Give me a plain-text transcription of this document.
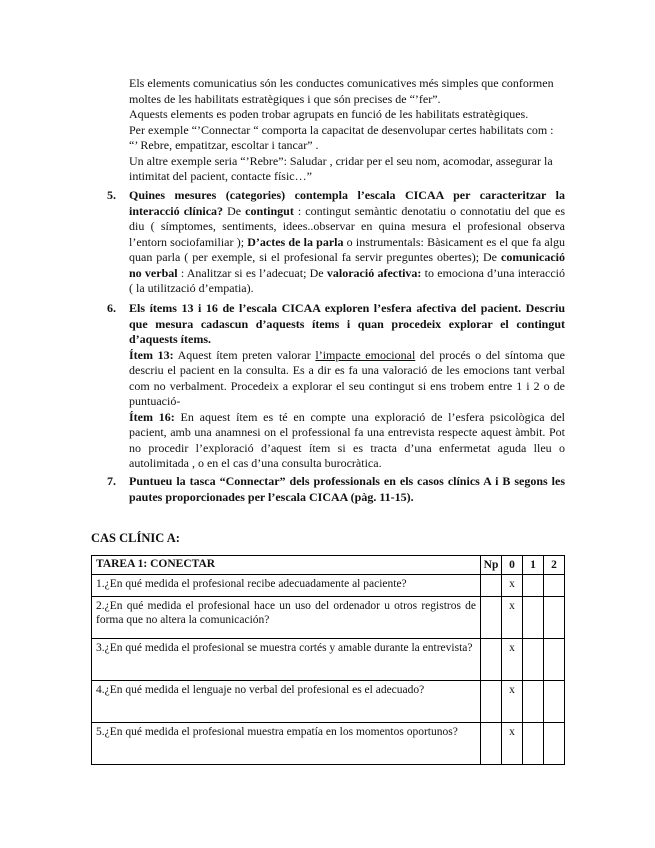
Els elements comunicatius són les conductes comunicatives més simples que conformen moltes de les habilitats estratègiques i que són precises de “’fer”.

Aquests elements es poden trobar agrupats en funció de les habilitats estratègiques.

Per exemple “’Connectar “ comporta la capacitat de desenvolupar certes habilitats com : “’ Rebre, empatitzar, escoltar i tancar” .

Un altre exemple seria “’Rebre”: Saludar , cridar per el seu nom, acomodar, assegurar la intimitat del pacient, contacte físic…”

5. Quines mesures (categories) contempla l’escala CICAA per caracteritzar la interacció clínica? De contingut : contingut semàntic denotatiu o connotatiu del que es diu ( símptomes, sentiments, idees..observar en quina mesura el profesional observa l’entorn sociofamiliar ); D’actes de la parla o instrumentals: Bàsicament es el que fa algu quan parla ( per exemple, si el profesional fa servir preguntes obertes); De comunicació no verbal : Analitzar si es l’adecuat; De valoració afectiva: to emociona d’una interacció ( la utilització d’empatia).
6. Els ítems 13 i 16 de l’escala CICAA exploren l’esfera afectiva del pacient. Descriu que mesura cadascun d’aquests ítems i quan procedeix explorar el contingut d’aquests ítems.
Ítem 13: Aquest ítem preten valorar l’impacte emocional del procés o del síntoma que descriu el pacient en la consulta. Es a dir es fa una valoració de les emocions tant verbal com no verbalment. Procedeix a explorar el seu contingut si ens trobem entre 1 i 2 o de puntuació-
Ítem 16: En aquest ítem es té en compte una exploració de l’esfera psicològica del pacient, amb una anamnesi on el professional fa una entrevista respecte aquest àmbit. Pot no procedir l’exploració d’aquest ítem si es tracta d’una enfermetat aguda lleu o autolimitada , o en el cas d’una consulta burocràtica.
7. Puntueu la tasca “Connectar” dels professionals en els casos clínics A i B segons les pautes proporcionades per l’escala CICAA (pàg. 11-15).
CAS CLÍNIC A:
TAREA 1: CONECTAR	Np	0	1	2
1.¿En qué medida el profesional recibe adecuadamente al paciente?		x		
2.¿En qué medida el profesional hace un uso del ordenador u otros registros de forma que no altera la comunicación?		x		
3.¿En qué medida el profesional se muestra cortés y amable durante la entrevista?		x		
4.¿En qué medida el lenguaje no verbal del profesional es el adecuado?		x		
5.¿En qué medida el profesional muestra empatía en los momentos oportunos?		x		
